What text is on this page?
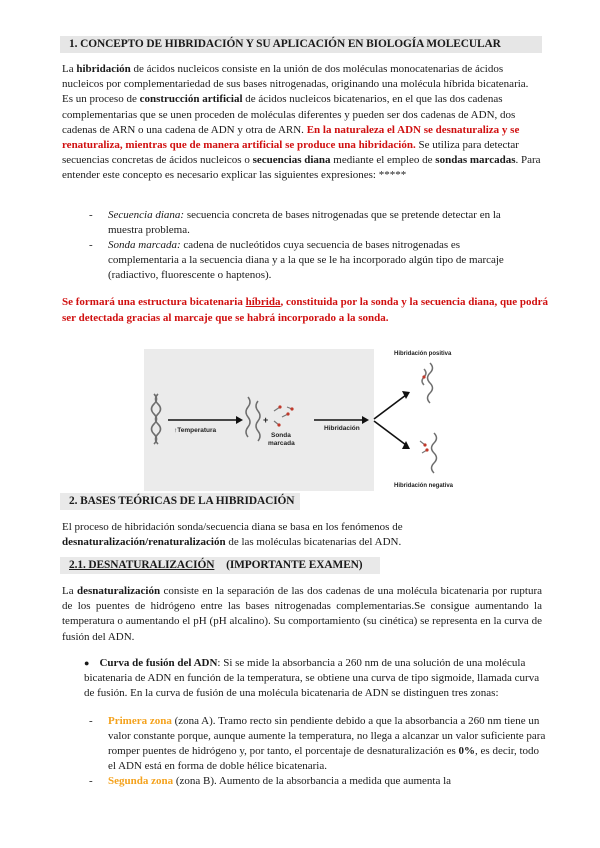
1. CONCEPTO DE HIBRIDACIÓN Y SU APLICACIÓN EN BIOLOGÍA MOLECULAR
La hibridación de ácidos nucleicos consiste en la unión de dos moléculas monocatenarias de ácidos nucleicos por complementariedad de sus bases nitrogenadas, originando una molécula híbrida bicatenaria. Es un proceso de construcción artificial de ácidos nucleicos bicatenarios, en el que las dos cadenas complementarias que se unen proceden de moléculas diferentes y pueden ser dos cadenas de ADN, dos cadenas de ARN o una cadena de ADN y otra de ARN. En la naturaleza el ADN se desnaturaliza y se renaturaliza, mientras que de manera artificial se produce una hibridación. Se utiliza para detectar secuencias concretas de ácidos nucleicos o secuencias diana mediante el empleo de sondas marcadas. Para entender este concepto es necesario explicar las siguientes expresiones: *****
- Secuencia diana: secuencia concreta de bases nitrogenadas que se pretende detectar en la muestra problema.
- Sonda marcada: cadena de nucleótidos cuya secuencia de bases nitrogenadas es complementaria a la secuencia diana y a la que se le ha incorporado algún tipo de marcaje (radiactivo, fluorescente o haptenos).
Se formará una estructura bicatenaria híbrida, constituida por la sonda y la secuencia diana, que podrá ser detectada gracias al marcaje que se habrá incorporado a la sonda.
↑Temperatura
+
Sonda
marcada
Hibridación
Hibridación positiva
Hibridación negativa
2. BASES TEÓRICAS DE LA HIBRIDACIÓN
El proceso de hibridación sonda/secuencia diana se basa en los fenómenos de desnaturalización/renaturalización de las moléculas bicatenarias del ADN.
2.1. DESNATURALIZACIÓN (IMPORTANTE EXAMEN)
La desnaturalización consiste en la separación de las dos cadenas de una molécula bicatenaria por ruptura de los puentes de hidrógeno entre las bases nitrogenadas complementarias.Se consigue aumentando la temperatura o aumentando el pH (pH alcalino). Su comportamiento (su cinética) se representa en la curva de fusión del ADN.
● Curva de fusión del ADN: Si se mide la absorbancia a 260 nm de una solución de una molécula bicatenaria de ADN en función de la temperatura, se obtiene una curva de tipo sigmoide, llamada curva de fusión. En la curva de fusión de una molécula bicatenaria de ADN se distinguen tres zonas:
- Primera zona (zona A). Tramo recto sin pendiente debido a que la absorbancia a 260 nm tiene un valor constante porque, aunque aumente la temperatura, no llega a alcanzar un valor suficiente para romper puentes de hidrógeno y, por tanto, el porcentaje de desnaturalización es 0%, es decir, todo el ADN está en forma de doble hélice bicatenaria.
- Segunda zona (zona B). Aumento de la absorbancia a medida que aumenta la
